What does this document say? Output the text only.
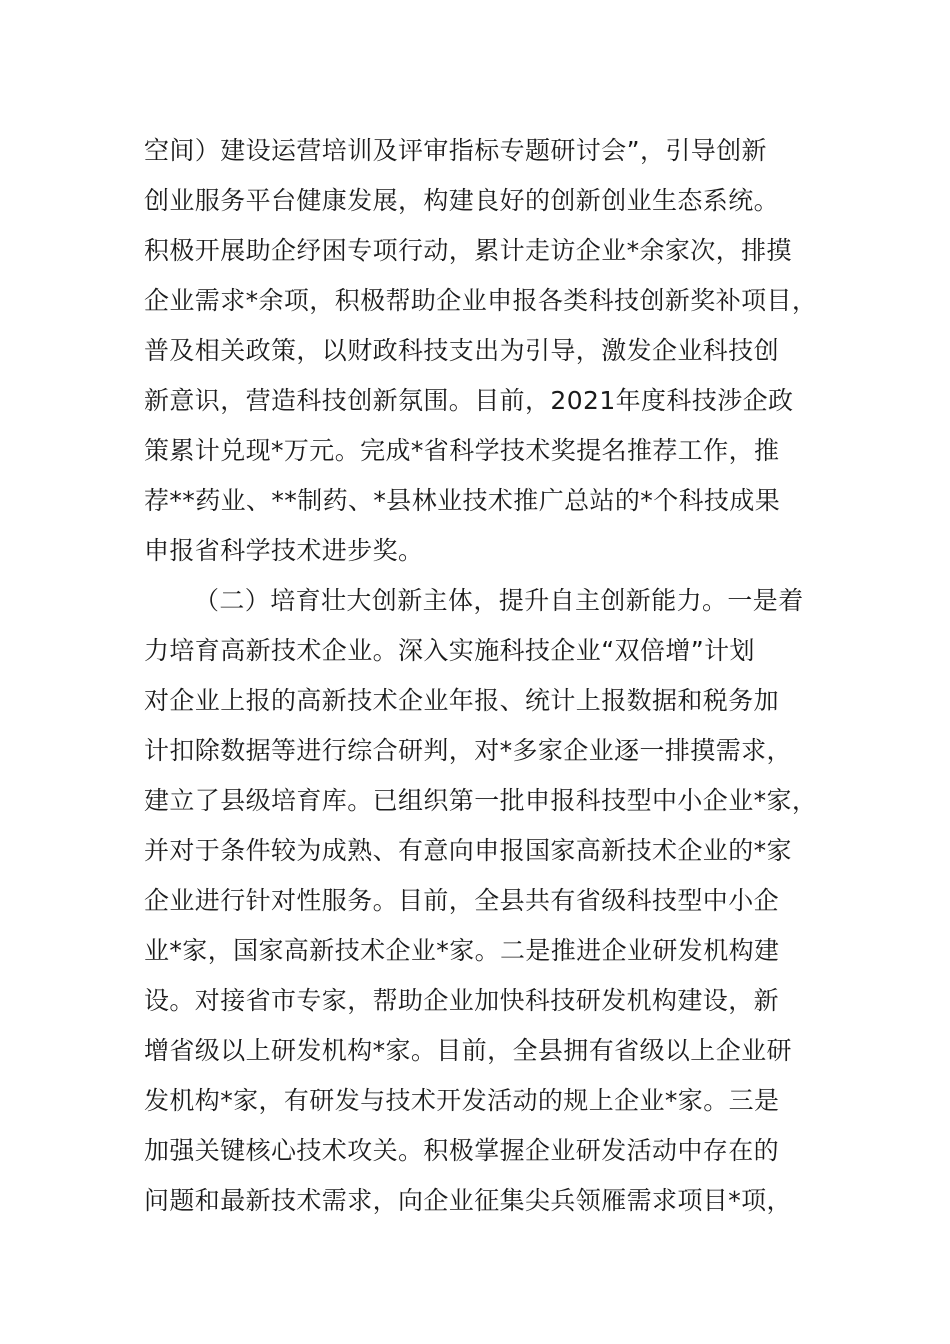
空间）建设运营培训及评审指标专题研讨会”，引导创新
创业服务平台健康发展，构建良好的创新创业生态系统。
积极开展助企纾困专项行动，累计走访企业*余家次，排摸
企业需求*余项，积极帮助企业申报各类科技创新奖补项目，
普及相关政策，以财政科技支出为引导，激发企业科技创
新意识，营造科技创新氛围。目前，2021年度科技涉企政
策累计兑现*万元。完成*省科学技术奖提名推荐工作，推
荐**药业、**制药、*县林业技术推广总站的*个科技成果
申报省科学技术进步奖。
（二）培育壮大创新主体，提升自主创新能力。一是着
力培育高新技术企业。深入实施科技企业“双倍增”计划
对企业上报的高新技术企业年报、统计上报数据和税务加
计扣除数据等进行综合研判，对*多家企业逐一排摸需求，
建立了县级培育库。已组织第一批申报科技型中小企业*家，
并对于条件较为成熟、有意向申报国家高新技术企业的*家
企业进行针对性服务。目前，全县共有省级科技型中小企
业*家，国家高新技术企业*家。二是推进企业研发机构建
设。对接省市专家，帮助企业加快科技研发机构建设，新
增省级以上研发机构*家。目前，全县拥有省级以上企业研
发机构*家，有研发与技术开发活动的规上企业*家。三是
加强关键核心技术攻关。积极掌握企业研发活动中存在的
问题和最新技术需求，向企业征集尖兵领雁需求项目*项，
